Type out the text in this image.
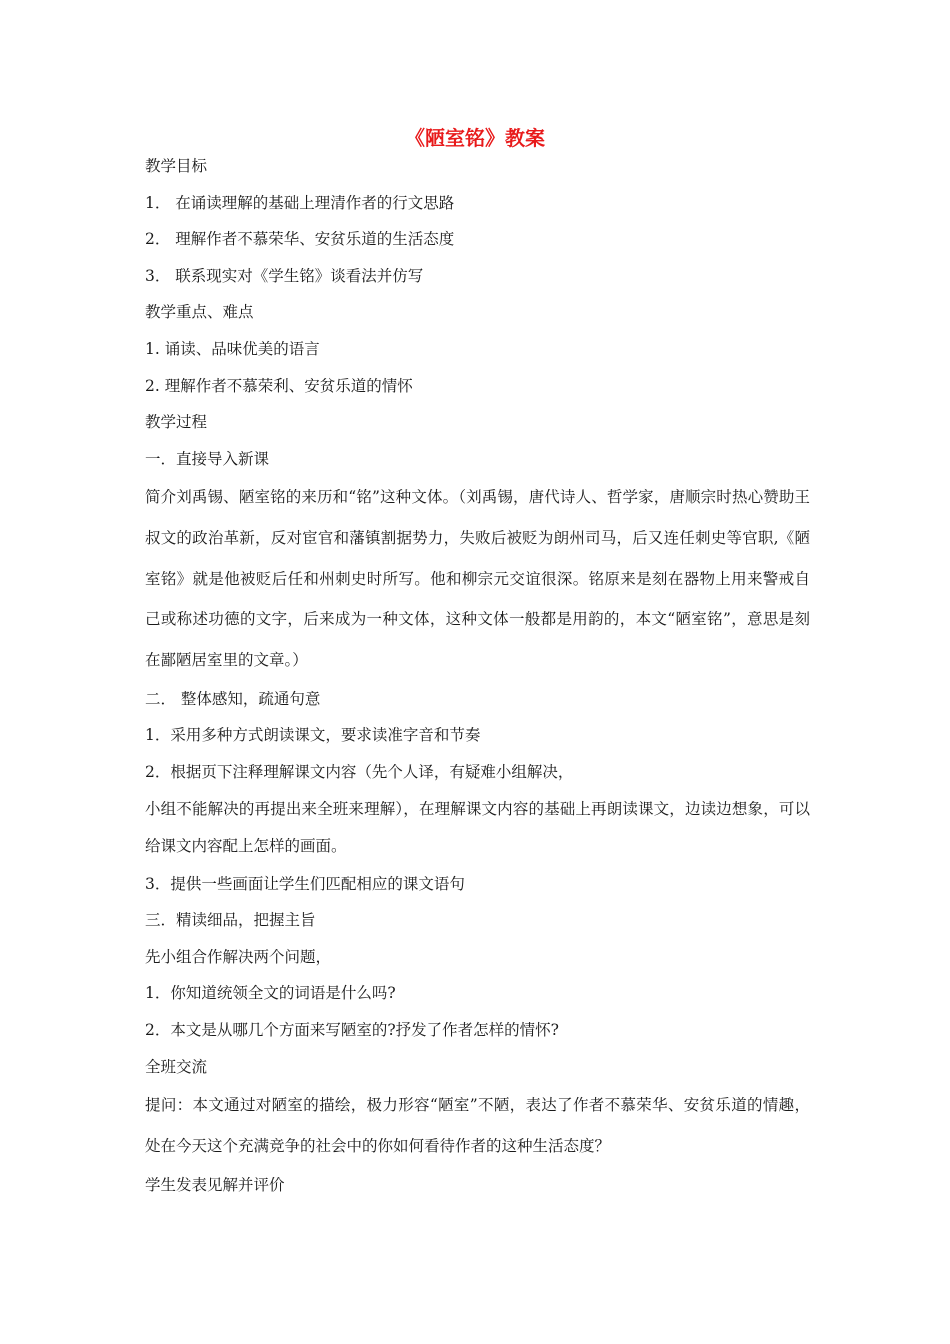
《陋室铭》教案

教学目标

1． 在诵读理解的基础上理清作者的行文思路

2． 理解作者不慕荣华、安贫乐道的生活态度

3． 联系现实对《学生铭》谈看法并仿写

教学重点、难点

1. 诵读、品味优美的语言

2. 理解作者不慕荣利、安贫乐道的情怀

教学过程

一．直接导入新课

简介刘禹锡、陋室铭的来历和“铭”这种文体。（刘禹锡，唐代诗人、哲学家，唐顺宗时热心赞助王叔文的政治革新，反对宦官和藩镇割据势力，失败后被贬为朗州司马，后又连任刺史等官职,《陋室铭》就是他被贬后任和州刺史时所写。他和柳宗元交谊很深。铭原来是刻在器物上用来警戒自己或称述功德的文字，后来成为一种文体，这种文体一般都是用韵的，本文“陋室铭”，意思是刻在鄙陋居室里的文章。）

二． 整体感知，疏通句意

1．采用多种方式朗读课文，要求读准字音和节奏

2．根据页下注释理解课文内容（先个人译，有疑难小组解决，

小组不能解决的再提出来全班来理解），在理解课文内容的基础上再朗读课文，边读边想象，可以给课文内容配上怎样的画面。

3．提供一些画面让学生们匹配相应的课文语句

三．精读细品，把握主旨

先小组合作解决两个问题，

1．你知道统领全文的词语是什么吗?

2．本文是从哪几个方面来写陋室的?抒发了作者怎样的情怀?

全班交流

提问：本文通过对陋室的描绘，极力形容“陋室”不陋，表达了作者不慕荣华、安贫乐道的情趣，处在今天这个充满竞争的社会中的你如何看待作者的这种生活态度？

学生发表见解并评价
